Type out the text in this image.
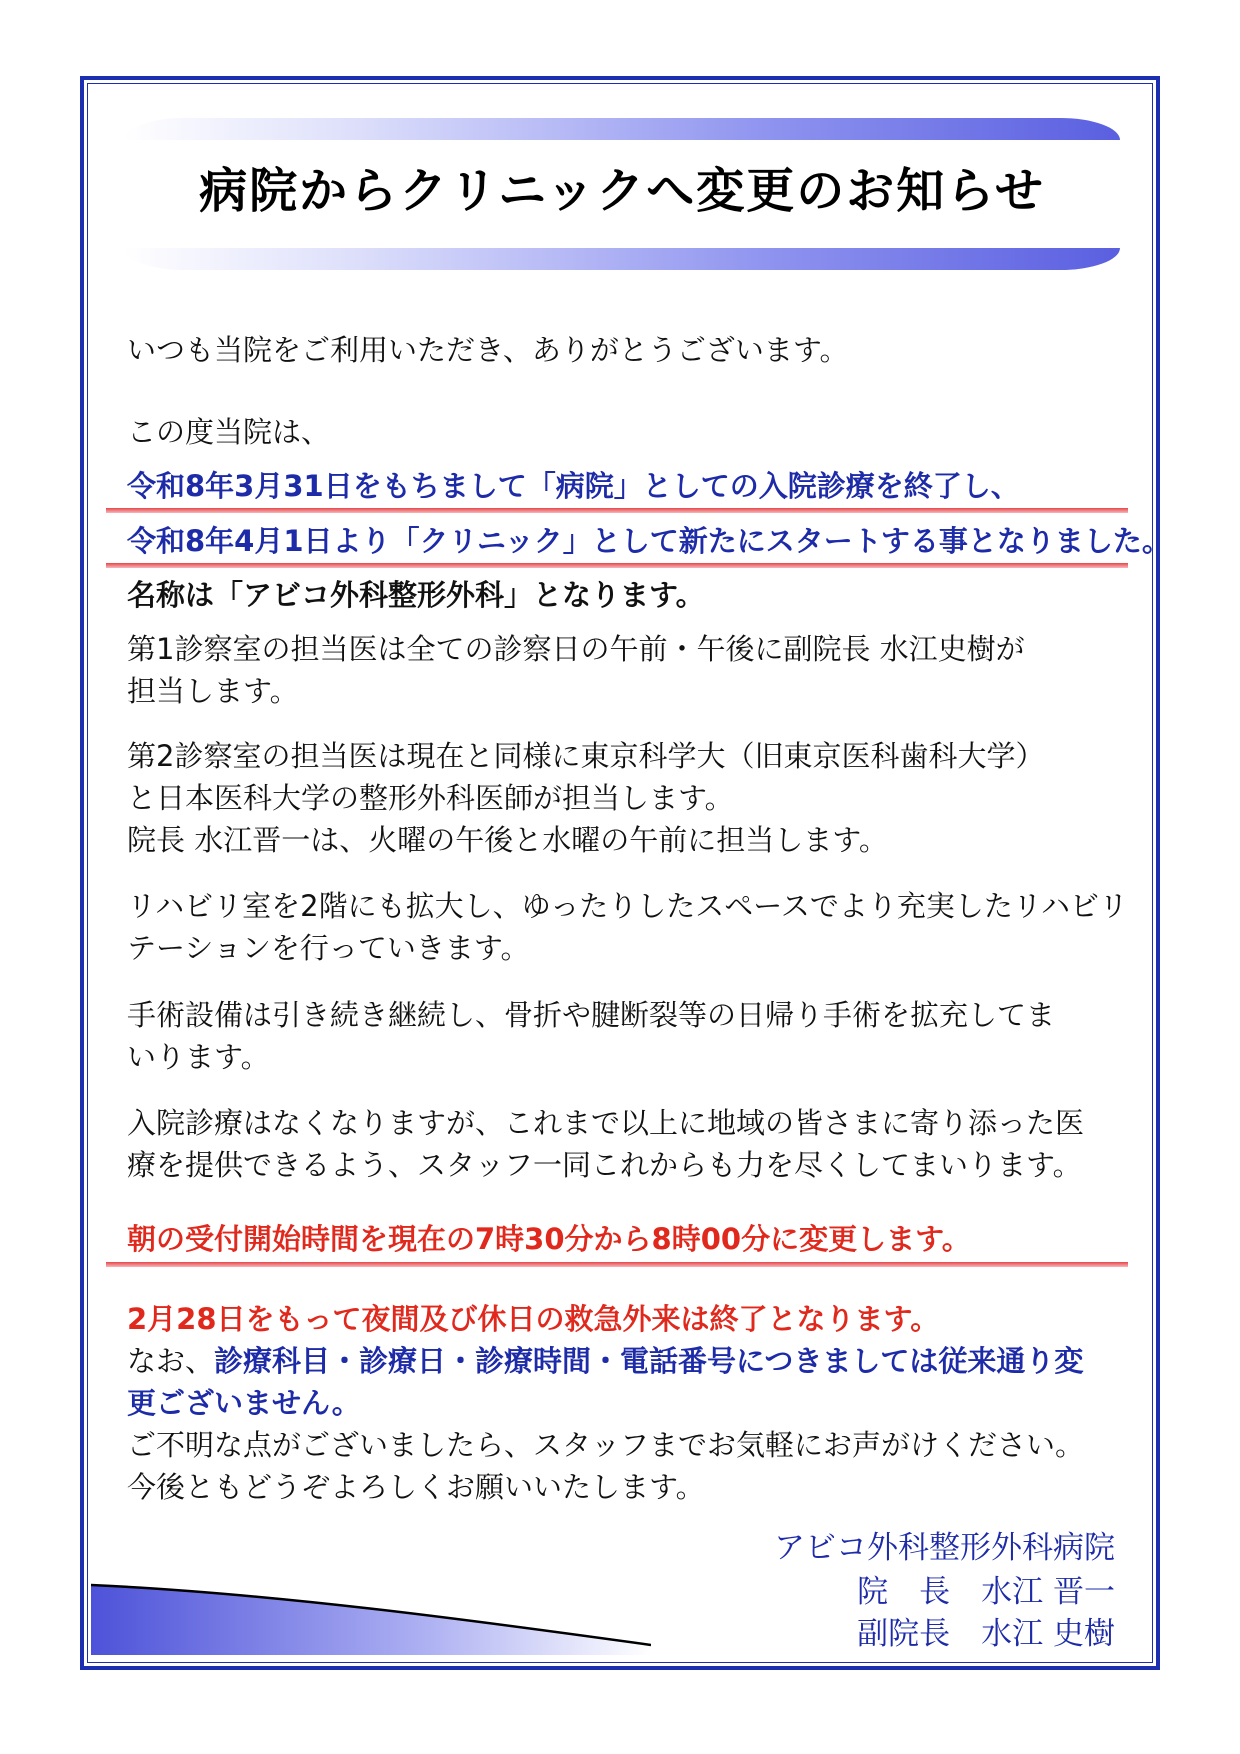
病院からクリニックへ変更のお知らせ
いつも当院をご利用いただき、ありがとうございます。
この度当院は、
令和8年3月31日をもちまして「病院」としての入院診療を終了し、
令和8年4月1日より「クリニック」として新たにスタートする事となりました。
名称は「アビコ外科整形外科」となります。
第1診察室の担当医は全ての診察日の午前・午後に副院長 水江史樹が
担当します。
第2診察室の担当医は現在と同様に東京科学大（旧東京医科歯科大学）
と日本医科大学の整形外科医師が担当します。
院長 水江晋一は、火曜の午後と水曜の午前に担当します。
リハビリ室を2階にも拡大し、ゆったりしたスペースでより充実したリハビリ
テーションを行っていきます。
手術設備は引き続き継続し、骨折や腱断裂等の日帰り手術を拡充してま
いります。
入院診療はなくなりますが、これまで以上に地域の皆さまに寄り添った医
療を提供できるよう、スタッフ一同これからも力を尽くしてまいります。
朝の受付開始時間を現在の7時30分から8時00分に変更します。
2月28日をもって夜間及び休日の救急外来は終了となります。
なお、診療科目・診療日・診療時間・電話番号につきましては従来通り変
更ございません。
ご不明な点がございましたら、スタッフまでお気軽にお声がけください。
今後ともどうぞよろしくお願いいたします。
アビコ外科整形外科病院
院　長　水江 晋一
副院長　水江 史樹
